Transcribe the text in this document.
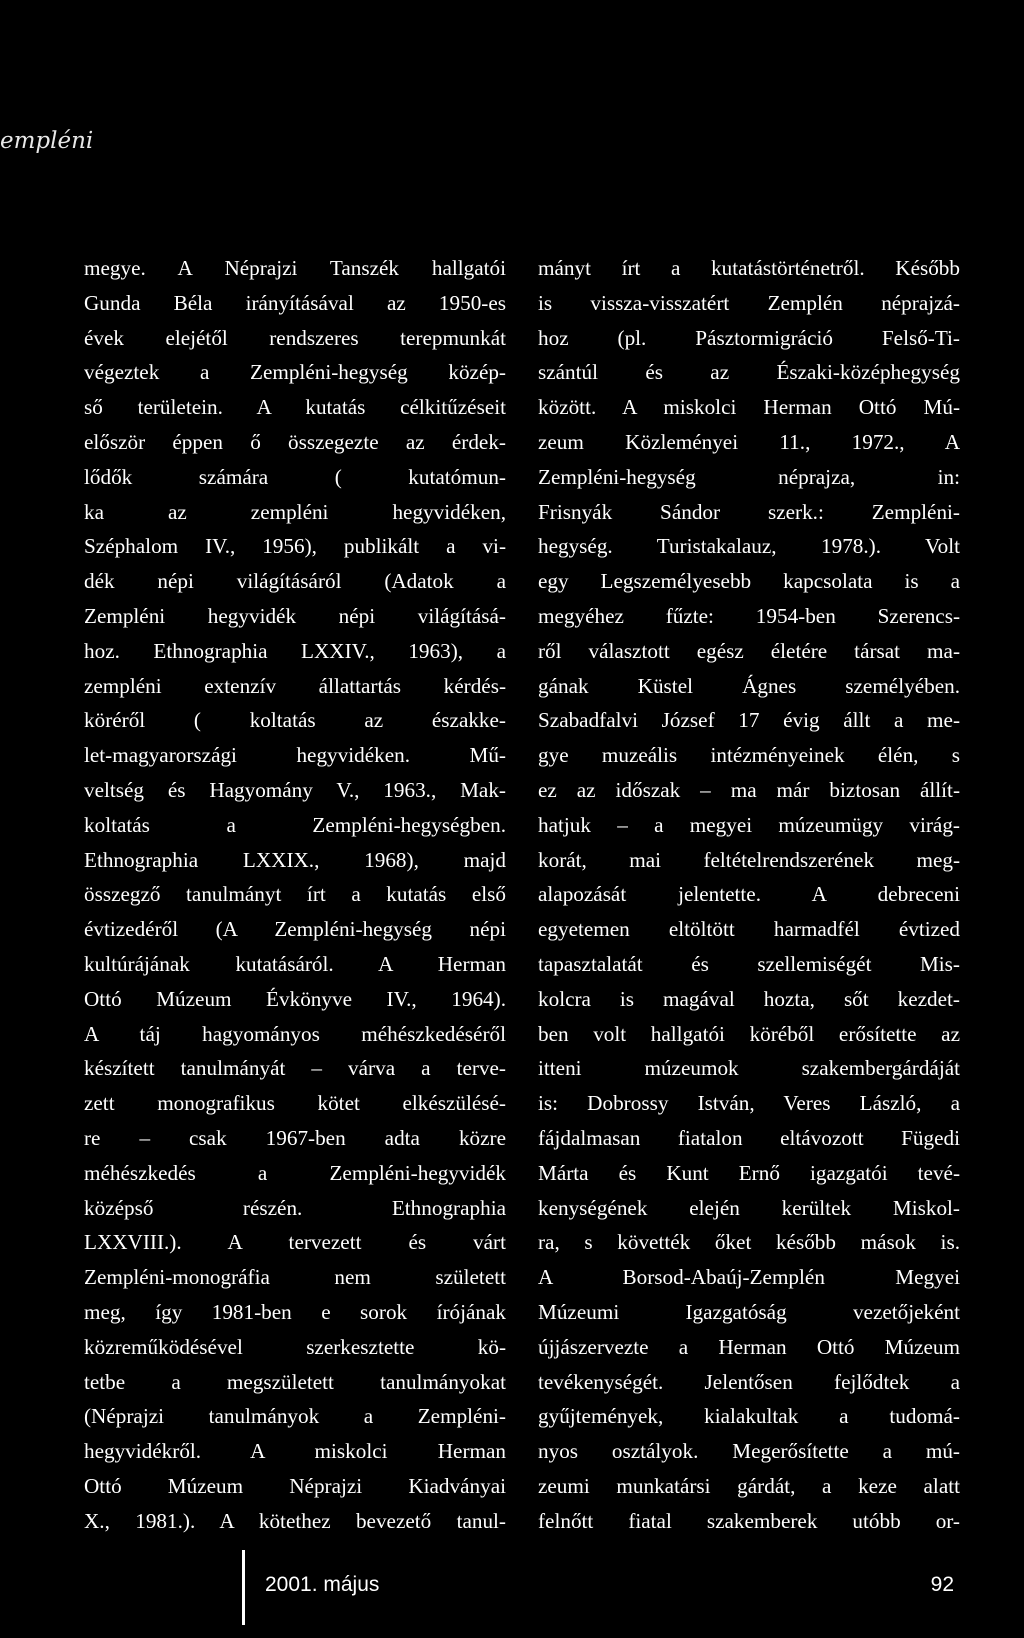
empléni
megye. A Néprajzi Tanszék hallgatói
Gunda Béla irányításával az 1950-es
évek elejétől rendszeres terepmunkát
végeztek a Zempléni-hegység közép-
ső területein. A kutatás célkitűzéseit
először éppen ő összegezte az érdek-
lődők számára ( kutatómun-
ka az zempléni hegyvidéken,
Széphalom IV., 1956), publikált a vi-
dék népi világításáról (Adatok a
Zempléni hegyvidék népi világításá-
hoz. Ethnographia LXXIV., 1963), a
zempléni extenzív állattartás kérdés-
köréről ( koltatás az északke-
let-magyarországi hegyvidéken. Mű-
veltség és Hagyomány V., 1963., Mak-
koltatás a Zempléni-hegységben.
Ethnographia LXXIX., 1968), majd
összegző tanulmányt írt a kutatás első
évtizedéről (A Zempléni-hegység népi
kultúrájának kutatásáról. A Herman
Ottó Múzeum Évkönyve IV., 1964).
A táj hagyományos méhészkedéséről
készített tanulmányát – várva a terve-
zett monografikus kötet elkészülésé-
re – csak 1967-ben adta közre
méhészkedés a Zempléni-hegyvidék
középső részén. Ethnographia
LXXVIII.). A tervezett és várt
Zempléni-monográfia nem született
meg, így 1981-ben e sorok írójának
közreműködésével szerkesztette kö-
tetbe a megszületett tanulmányokat
(Néprajzi tanulmányok a Zempléni-
hegyvidékről. A miskolci Herman
Ottó Múzeum Néprajzi Kiadványai
X., 1981.). A kötethez bevezető tanul-
mányt írt a kutatástörténetről. Később
is vissza-visszatért Zemplén néprajzá-
hoz (pl. Pásztormigráció Felső-Ti-
szántúl és az Északi-középhegység
között. A miskolci Herman Ottó Mú-
zeum Közleményei 11., 1972., A
Zempléni-hegység néprajza, in:
Frisnyák Sándor szerk.: Zempléni-
hegység. Turistakalauz, 1978.). Volt
egy Legszemélyesebb kapcsolata is a
megyéhez fűzte: 1954-ben Szerencs-
ről választott egész életére társat ma-
gának Küstel Ágnes személyében.
Szabadfalvi József 17 évig állt a me-
gye muzeális intézményeinek élén, s
ez az időszak – ma már biztosan állít-
hatjuk – a megyei múzeumügy virág-
korát, mai feltételrendszerének meg-
alapozását jelentette. A debreceni
egyetemen eltöltött harmadfél évtized
tapasztalatát és szellemiségét Mis-
kolcra is magával hozta, sőt kezdet-
ben volt hallgatói köréből erősítette az
itteni múzeumok szakembergárdáját
is: Dobrossy István, Veres László, a
fájdalmasan fiatalon eltávozott Fügedi
Márta és Kunt Ernő igazgatói tevé-
kenységének elején kerültek Miskol-
ra, s követték őket később mások is.
A Borsod-Abaúj-Zemplén Megyei
Múzeumi Igazgatóság vezetőjeként
újjászervezte a Herman Ottó Múzeum
tevékenységét. Jelentősen fejlődtek a
gyűjtemények, kialakultak a tudomá-
nyos osztályok. Megerősítette a mú-
zeumi munkatársi gárdát, a keze alatt
felnőtt fiatal szakemberek utóbb or-
2001. május	92
